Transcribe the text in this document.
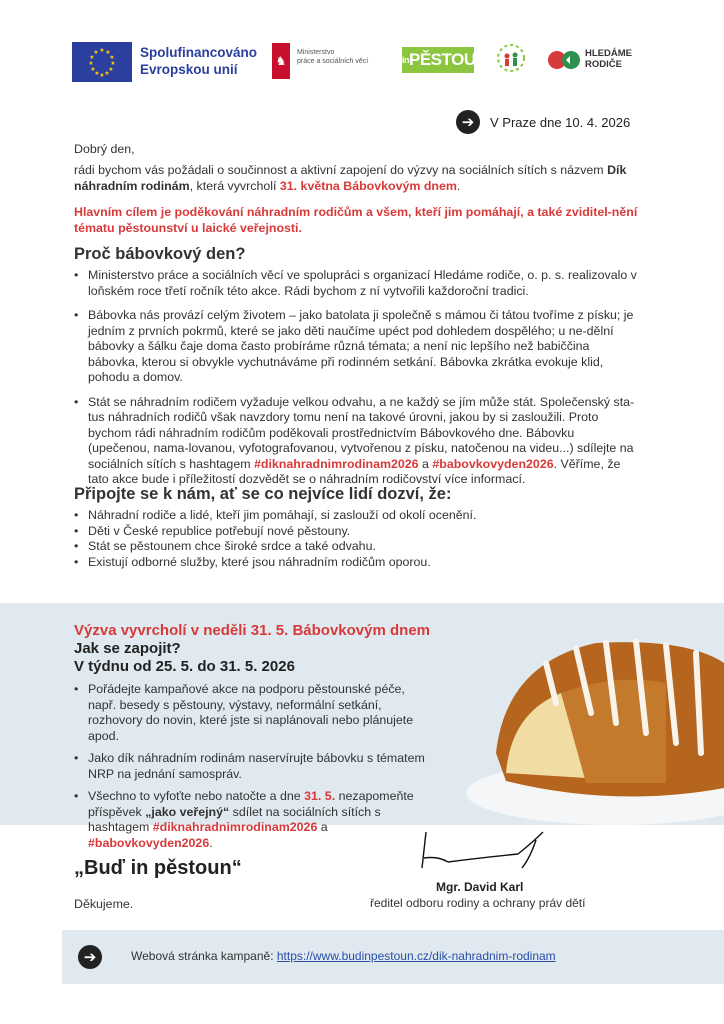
★ ★
★
★
★
★
★
★
★
★
★
★	Spolufinancováno
Evropskou unií
♞
Ministerstvo
práce a sociálních věcí	$^{in}$PĚSTOUN	HLEDÁME
RODIČE
➔	V Praze dne 10. 4. 2026
Dobrý den,
rádi bychom vás požádali o součinnost a aktivní zapojení do výzvy na sociálních sítích s názvem Dík náhradním rodinám, která vyvrcholí 31. května Bábovkovým dnem.
Hlavním cílem je poděkování náhradním rodičům a všem, kteří jim pomáhají, a také zviditel-nění tématu pěstounství u laické veřejnosti.
Proč bábovkový den?
• Ministerstvo práce a sociálních věcí ve spolupráci s organizací Hledáme rodiče, o. p. s. realizovalo v loňském roce třetí ročník této akce. Rádi bychom z ní vytvořili každoroční tradici.
• Bábovka nás provází celým životem – jako batolata ji společně s mámou či tátou tvoříme z písku; je jedním z prvních pokrmů, které se jako děti naučíme upéct pod dohledem dospělého; u ne-dělní bábovky a šálku čaje doma často probíráme různá témata; a není nic lepšího než babiččina bábovka, kterou si obvykle vychutnáváme při rodinném setkání. Bábovka zkrátka evokuje klid, pohodu a domov.
• Stát se náhradním rodičem vyžaduje velkou odvahu, a ne každý se jím může stát. Společenský sta-tus náhradních rodičů však navzdory tomu není na takové úrovni, jakou by si zasloužili. Proto bychom rádi náhradním rodičům poděkovali prostřednictvím Bábovkového dne. Bábovku (upečenou, nama-lovanou, vyfotografovanou, vytvořenou z písku, natočenou na videu...) sdílejte na sociálních sítích s hashtagem #diknahradnimrodinam2026 a #babovkovyden2026. Věříme, že tato akce bude i příležitostí dozvědět se o náhradním rodičovství více informací.
Připojte se k nám, ať se co nejvíce lidí dozví, že:
• Náhradní rodiče a lidé, kteří jim pomáhají, si zaslouží od okolí ocenění.
• Děti v České republice potřebují nové pěstouny.
• Stát se pěstounem chce široké srdce a také odvahu.
• Existují odborné služby, které jsou náhradním rodičům oporou.
Výzva vyvrcholí v neděli 31. 5. Bábovkovým dnem
Jak se zapojit?
V týdnu od 25. 5. do 31. 5. 2026
• Pořádejte kampaňové akce na podporu pěstounské péče, např. besedy s pěstouny, výstavy, neformální setkání, rozhovory do novin, které jste si naplánovali nebo plánujete apod.
• Jako dík náhradním rodinám naservírujte bábovku s tématem NRP na jednání samospráv.
• Všechno to vyfoťte nebo natočte a dne 31. 5. nezapomeňte příspěvek „jako veřejný“ sdílet na sociálních sítích s hashtagem #diknahradnimrodinam2026 a #babovkovyden2026.
„Buď in pěstoun“
Děkujeme.
Mgr. David Karl
ředitel odboru rodiny a ochrany práv dětí
➔	Webová stránka kampaně: https://www.budinpestoun.cz/dik-nahradnim-rodinam
